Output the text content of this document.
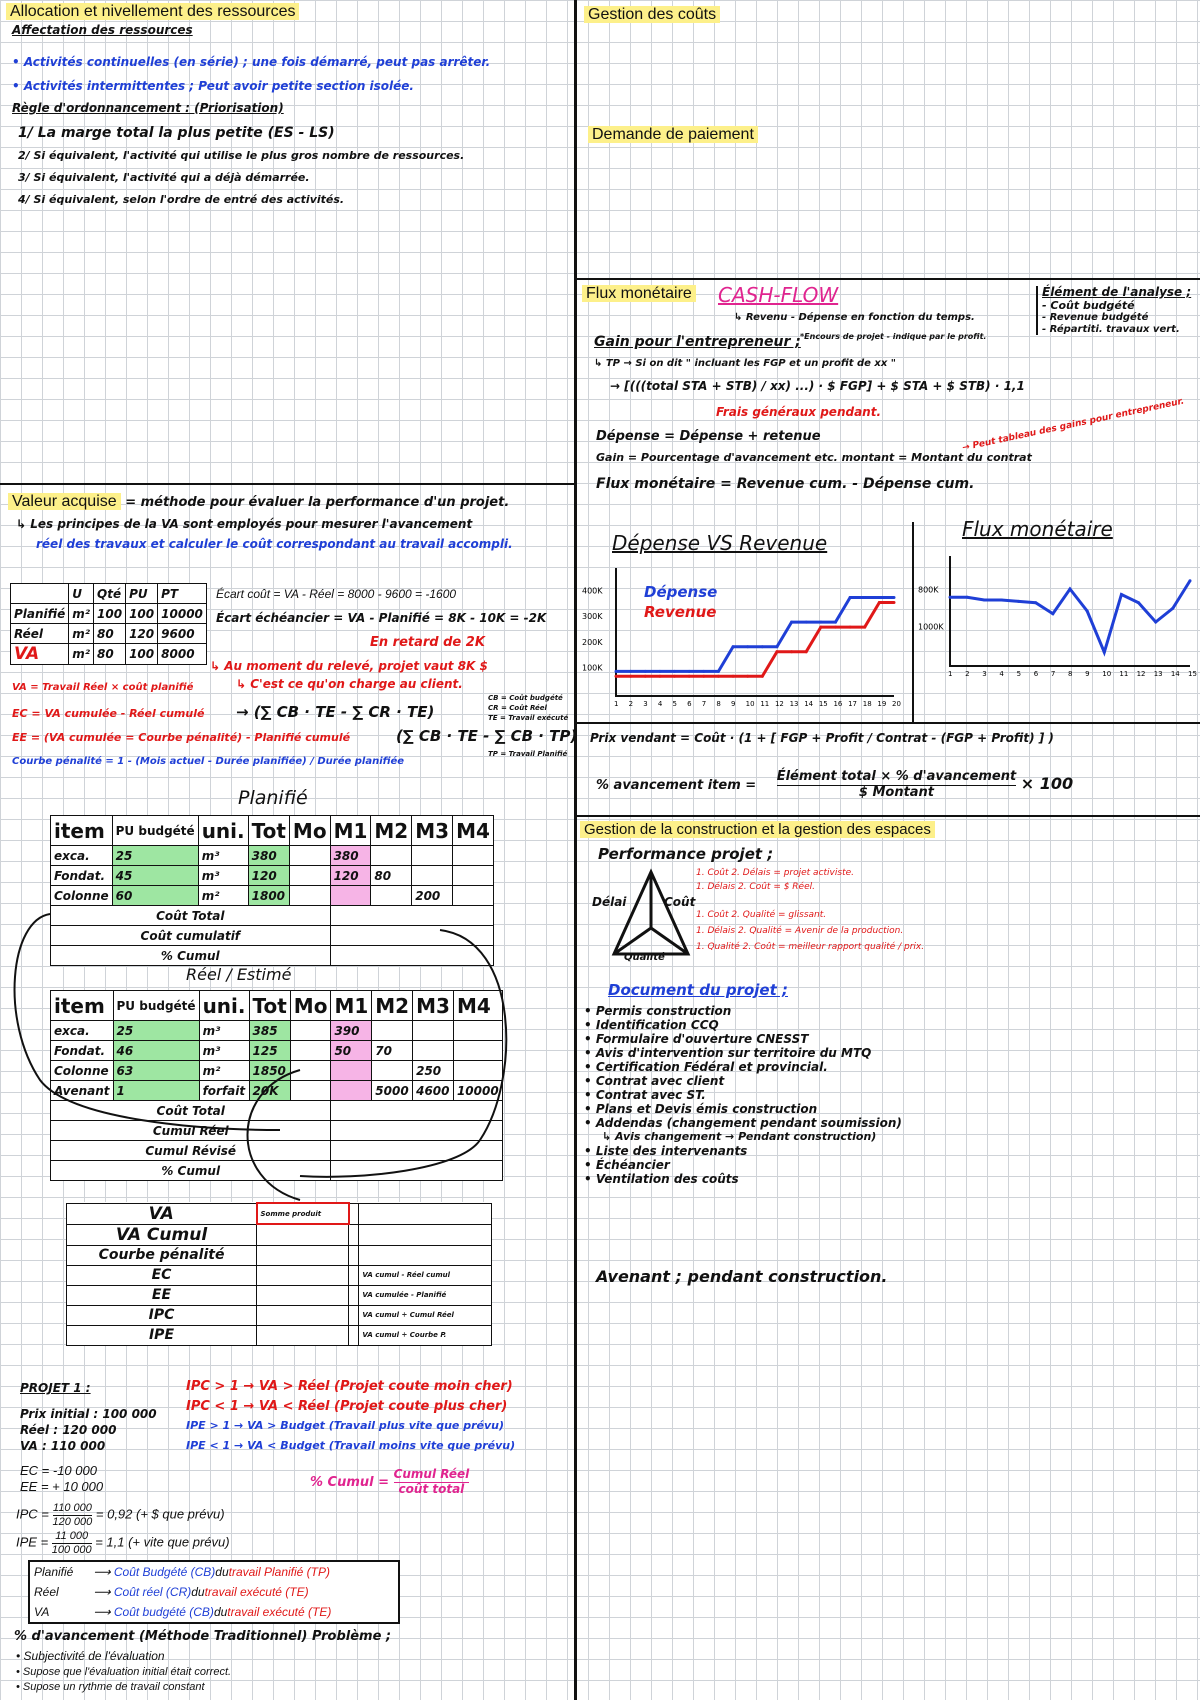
Allocation et nivellement des ressources
Affectation des ressources
• Activités continuelles (en série) ; une fois démarré, peut pas arrêter.
• Activités intermittentes ; Peut avoir petite section isolée.
Règle d'ordonnancement : (Priorisation)
1/ La marge total la plus petite (ES - LS)
2/ Si équivalent, l'activité qui utilise le plus gros nombre de ressources.
3/ Si équivalent, l'activité qui a déjà démarrée.
4/ Si équivalent, selon l'ordre de entré des activités.
Valeur acquise = méthode pour évaluer la performance d'un projet.
↳ Les principes de la VA sont employés pour mesurer l'avancement
réel des travaux et calculer le coût correspondant au travail accompli.
	U	Qté	PU	PT
Planifié	m²	100	100	10000
Réel	m²	80	120	9600
VA	m²	80	100	8000
Écart coût = VA - Réel = 8000 - 9600 = -1600
Écart échéancier = VA - Planifié = 8K - 10K = -2K
En retard de 2K
↳ Au moment du relevé, projet vaut 8K $
↳ C'est ce qu'on charge au client.
VA = Travail Réel × coût planifié
EC = VA cumulée - Réel cumulé → (∑ CB · TE - ∑ CR · TE)
EE = (VA cumulée = Courbe pénalité) - Planifié cumulé	(∑ CB · TE - ∑ CB · TP)
Courbe pénalité = 1 - (Mois actuel - Durée planifiée) / Durée planifiée
CB = Coût budgété
CR = Coût Réel
TE = Travail exécuté
TP = Travail Planifié
Planifié
item	PU budgété	uni.	Tot	Mo	M1	M2	M3	M4
exca.	25	m³	380		380			
Fondat.	45	m³	120		120	80		
Colonne	60	m²	1800				200	
Coût Total								
Coût cumulatif								
% Cumul								
Réel / Estimé
item	PU budgété	uni.	Tot	Mo	M1	M2	M3	M4
exca.	25	m³	385		390			
Fondat.	46	m³	125		50	70		
Colonne	63	m²	1850				250	
Avenant	1	forfait	20K			5000	4600	10000
Coût Total								
Cumul Réel								
Cumul Révisé								
% Cumul								
VA	Somme produit		
VA Cumul			
Courbe pénalité			
EC			VA cumul - Réel cumul
EE			VA cumulée - Planifié
IPC			VA cumul ÷ Cumul Réel
IPE			VA cumul ÷ Courbe P.
PROJET 1 :
Prix initial : 100 000
Réel : 120 000
VA : 110 000
EC = -10 000
EE = + 10 000
IPC = $\frac{110 000}{120 000} = 0,92$ (+ $ que prévu)
IPE = $\frac{11 000}{100 000} = 1,1$ (+ vite que prévu)
IPC > 1 → VA > Réel (Projet coute moin cher)
IPC < 1 → VA < Réel (Projet coute plus cher)
IPE > 1 → VA > Budget (Travail plus vite que prévu)
IPE < 1 → VA < Budget (Travail moins vite que prévu)
% Cumul =
Cumul Réel
coût total
Planifié ⟶ Coût Budgété (CB)dutravail Planifié (TP)
Réel	⟶ Coût réel (CR)dutravail exécuté (TE)
VA	⟶ Coût budgété (CB)dutravail exécuté (TE)
% d'avancement (Méthode Traditionnel) Problème ;
• Subjectivité de l'évaluation
• Supose que l'évaluation initial était correct.
• Supose un rythme de travail constant
Gestion des coûts
Demande de paiement
Flux monétaire CASH-FLOW
↳ Revenu - Dépense en fonction du temps.
Gain pour l'entrepreneur ; *Encours de projet - indique par le profit.
↳ TP → Si on dit " incluant les FGP et un profit de xx "
→ [(((total STA + STB) / xx) ...) · $ FGP] + $ STA + $ STB) · 1,1
Frais généraux pendant.
Dépense = Dépense + retenue
Gain = Pourcentage d'avancement etc. montant = Montant du contrat
Flux monétaire = Revenue cum. - Dépense cum.
→ Peut tableau des gains pour entrepreneur.
Élément de l'analyse ;
- Coût budgété
- Revenue budgété
- Répartiti. travaux vert.
Dépense VS Revenue
100K
200K
300K
400K
1 2 3 4 5 6 7 8 9 10 11 12 13 14 15 16 17 18 19 20
Dépense
Revenue
Flux monétaire
1000K
800K
1 2 3 4 5 6 7 8 9 10 11 12 13 14 15
Prix vendant = Coût · (1 + [ FGP + Profit / Contrat - (FGP + Profit) ] )
% avancement item =
Élément total × % d'avancement
$ Montant	× 100
Gestion de la construction et la gestion des espaces
Performance projet ;
Délai	Coût
Qualité
1. Coût 2. Délais = projet activiste.
1. Délais 2. Coût = $ Réel.
1. Coût 2. Qualité = glissant.
1. Délais 2. Qualité = Avenir de la production.
1. Qualité 2. Coût = meilleur rapport qualité / prix.
Document du projet ;
• Permis construction
• Identification CCQ
• Formulaire d'ouverture CNESST
• Avis d'intervention sur territoire du MTQ
• Certification Fédéral et provincial.
• Contrat avec client
• Contrat avec ST.
• Plans et Devis émis construction
• Addendas (changement pendant soumission)
↳ Avis changement → Pendant construction)
• Liste des intervenants
• Échéancier
• Ventilation des coûts
Avenant ; pendant construction.
